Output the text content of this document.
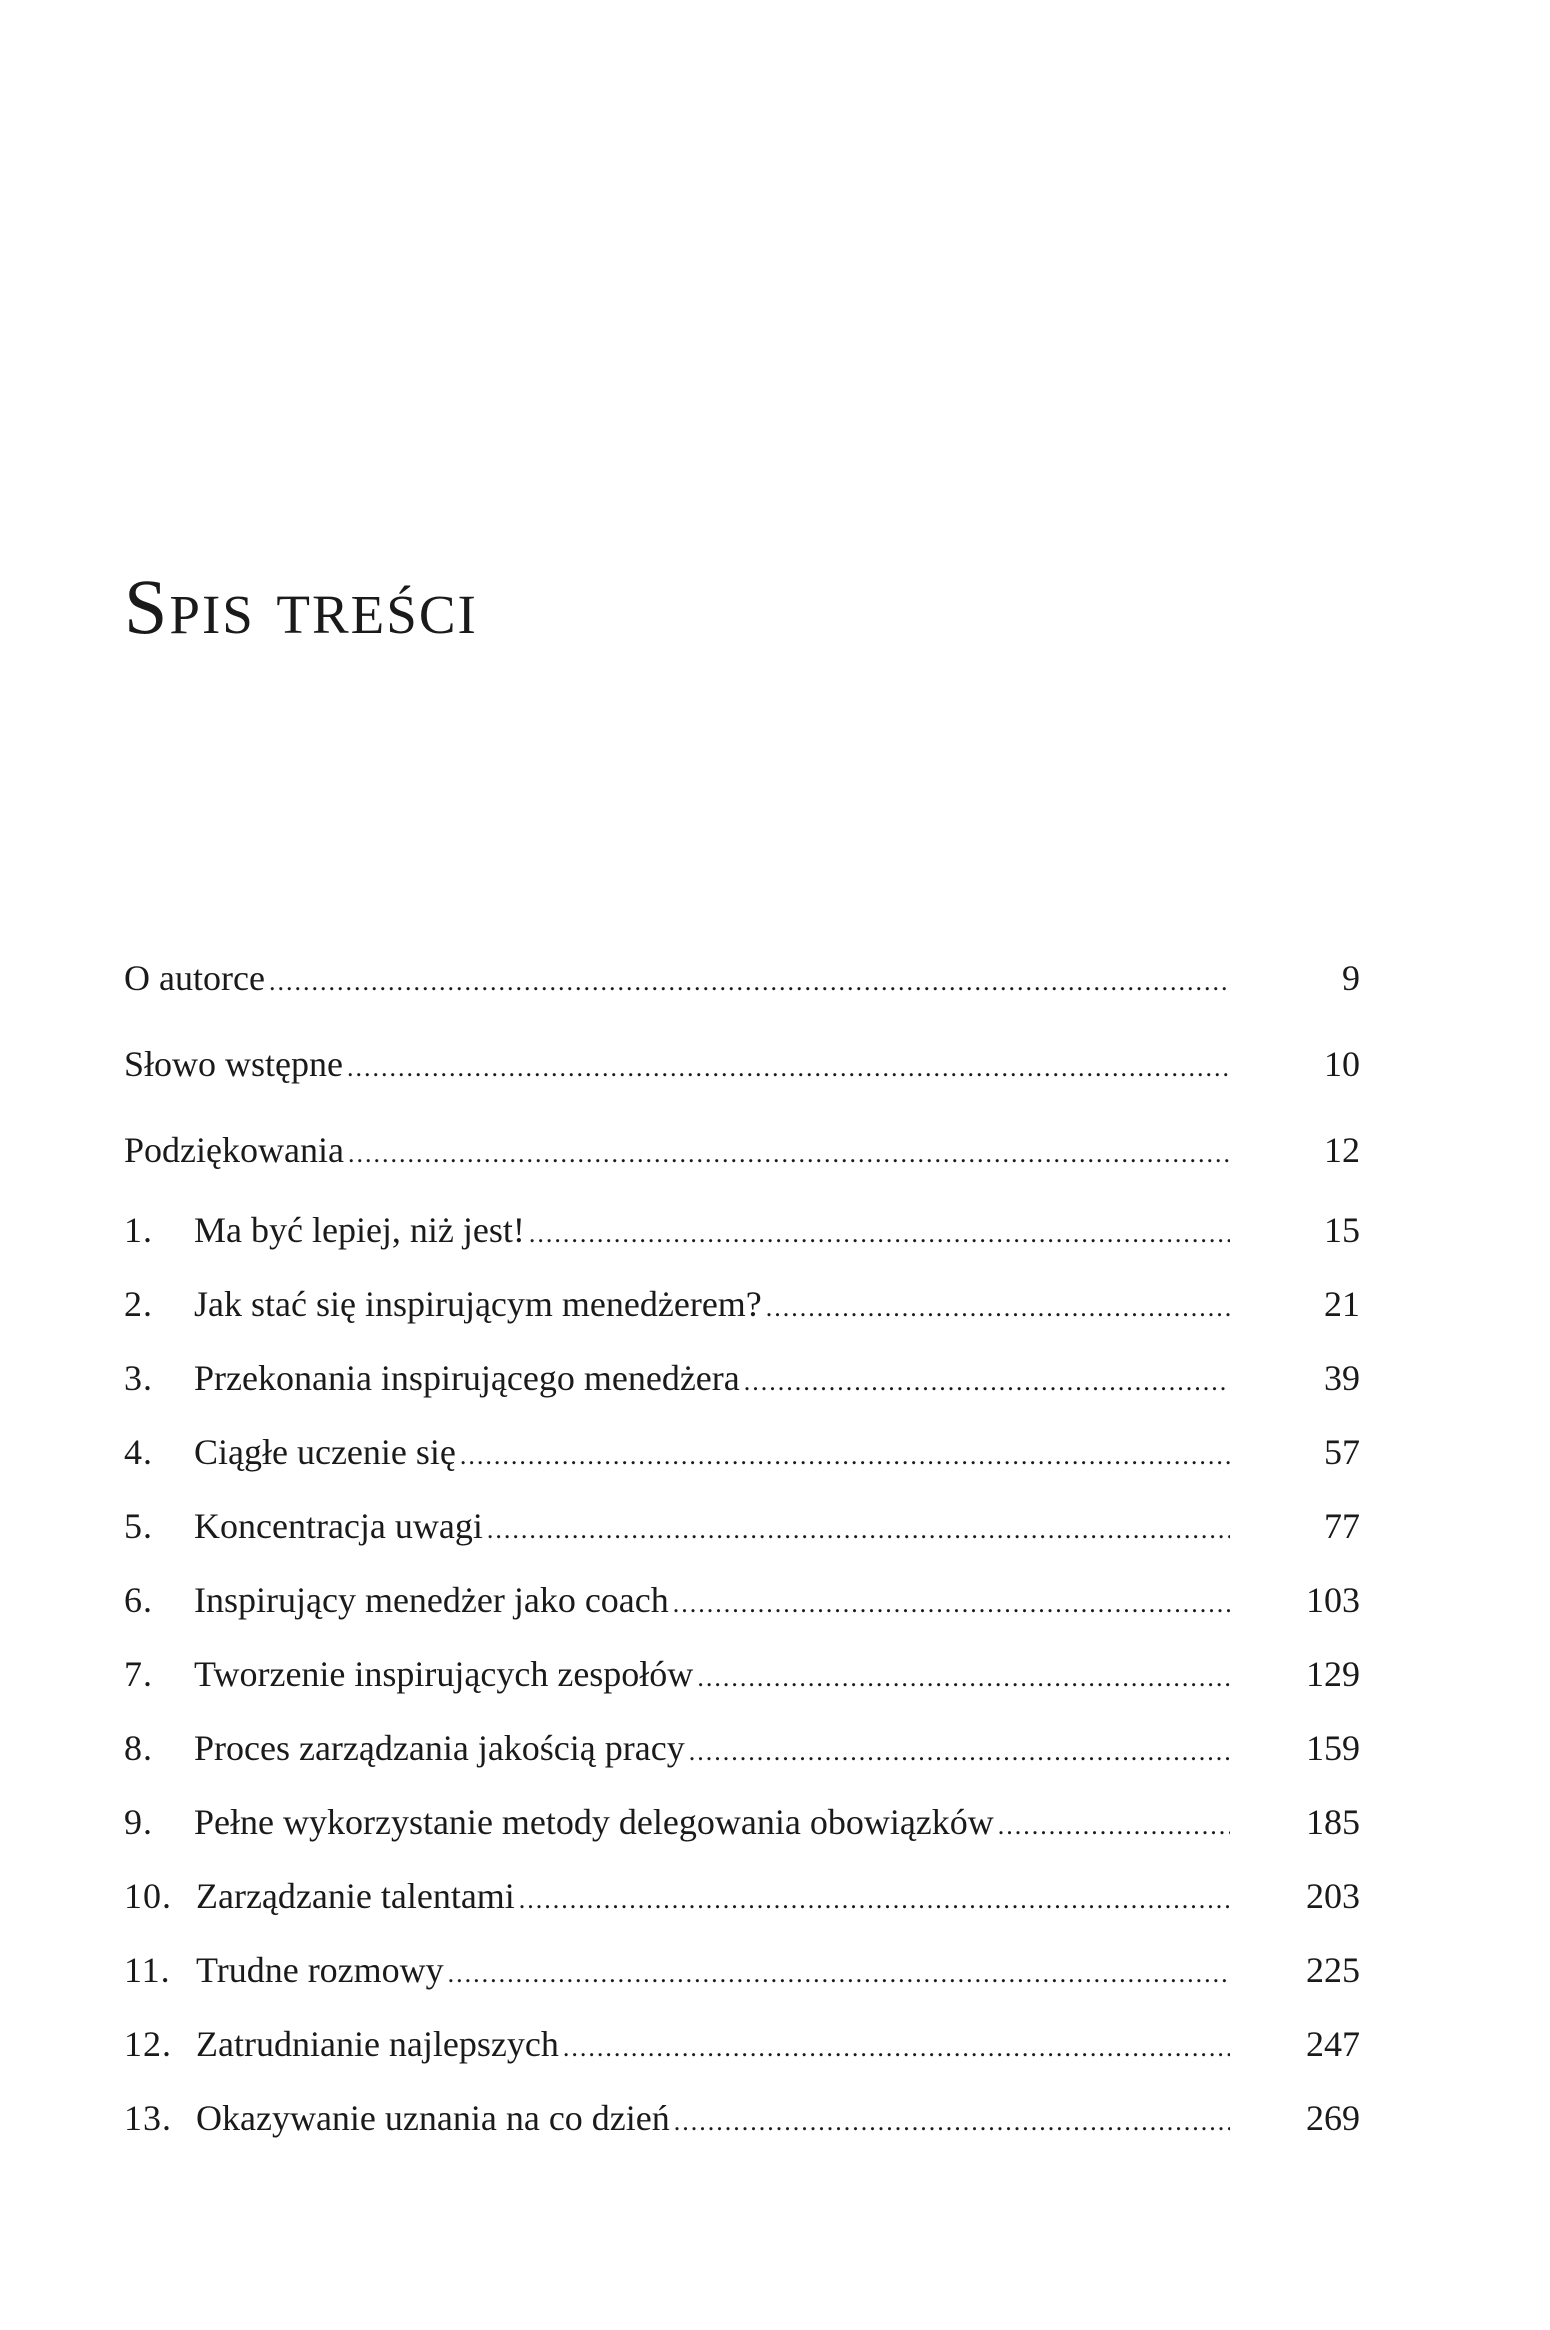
Spis treści
O autorce .....	9
Słowo wstępne .....	10
Podziękowania .....	12
1.	Ma być lepiej, niż jest! .....	15
2.	Jak stać się inspirującym menedżerem? .....	21
3.	Przekonania inspirującego menedżera .....	39
4.	Ciągłe uczenie się .....	57
5.	Koncentracja uwagi .....	77
6.	Inspirujący menedżer jako coach .....	103
7.	Tworzenie inspirujących zespołów .....	129
8.	Proces zarządzania jakością pracy .....	159
9.	Pełne wykorzystanie metody delegowania obowiązków .....	185
10. Zarządzanie talentami .....	203
11. Trudne rozmowy .....	225
12. Zatrudnianie najlepszych .....	247
13. Okazywanie uznania na co dzień .....	269
